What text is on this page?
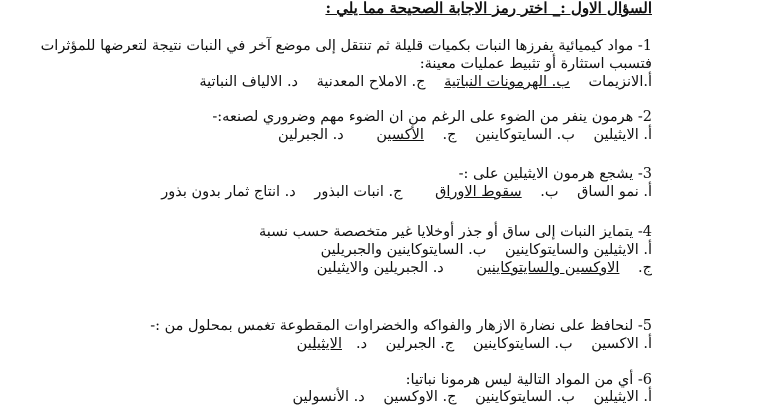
السؤال الاول :_ اختر رمز الاجابة الصحيحة مما يلي :
1- مواد كيميائية يفرزها النبات بكميات قليلة ثم تنتقل إلى موضع آخر في النبات نتيجة لتعرضها للمؤثرات
فتسبب استثارة أو تثبيط عمليات معينة:
أ.الانزيمات ب. الهرمونات النباتية ج. الاملاح المعدنية د. الالياف النباتية
2- هرمون ينفر من الضوء على الرغم من ان الضوء مهم وضروري لصنعه:-
أ. الايثيلين ب. السايتوكاينين ج. الأكسين د. الجبرلين
3- يشجع هرمون الايثيلين على :-
أ. نمو الساق ب. سقوط الاوراق ج. انبات البذور د. انتاج ثمار بدون بذور
4- يتمايز النبات إلى ساق أو جذر أوخلايا غير متخصصة حسب نسبة
أ. الايثيلين والسايتوكاينين ب. السايتوكاينين والجبريلين
ج. الاوكسين والسايتوكاينين د. الجبريلين والايثيلين
5- لنحافظ على نضارة الازهار والفواكه والخضراوات المقطوعة تغمس بمحلول من :-
أ. الاكسين ب. السايتوكاينين ج. الجبرلين د.الايثيلين
6- أي من المواد التالية ليس هرمونا نباتيا:
أ. الايثيلين ب. السايتوكاينين ج. الاوكسين د. الأنسولين
